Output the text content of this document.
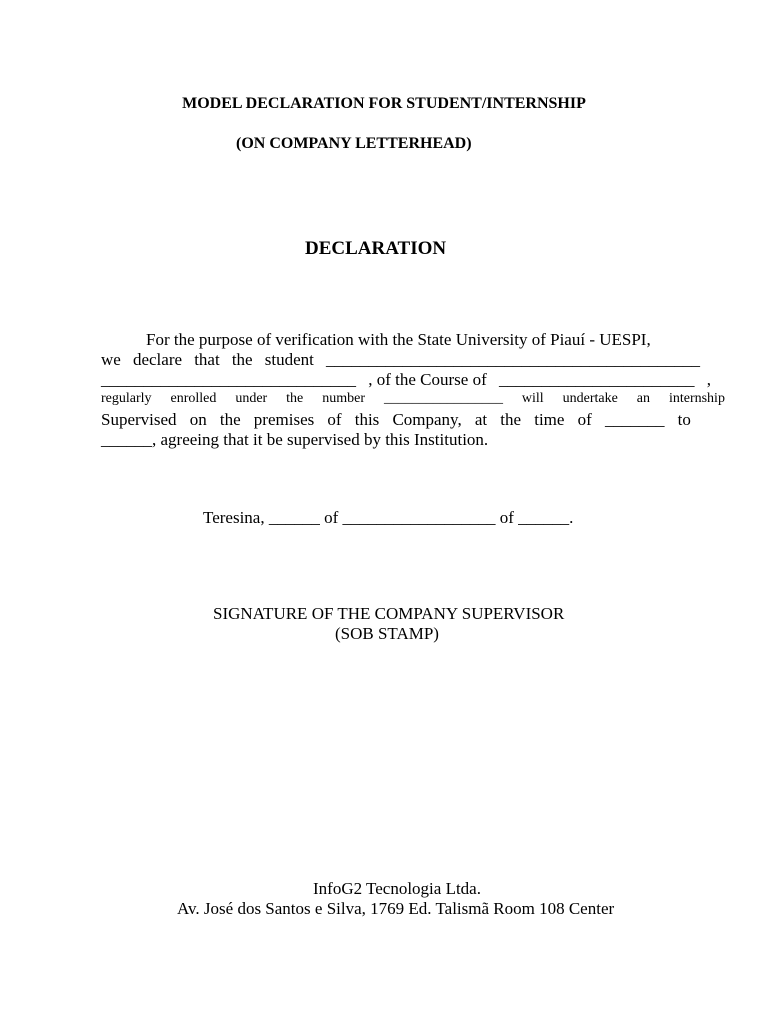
MODEL DECLARATION FOR STUDENT/INTERNSHIP
(ON COMPANY LETTERHEAD)
DECLARATION
For the purpose of verification with the State University of Piauí - UESPI,
we declare that the student ____________________________________________
______________________________ , of the Course of _______________________ ,
regularly enrolled under the number _________________ will undertake an internship
Supervised on the premises of this Company, at the time of _______ to
______, agreeing that it be supervised by this Institution.
Teresina, ______ of __________________ of ______.
SIGNATURE OF THE COMPANY SUPERVISOR
(SOB STAMP)
InfoG2 Tecnologia Ltda.
Av. José dos Santos e Silva, 1769 Ed. Talismã Room 108 Center
